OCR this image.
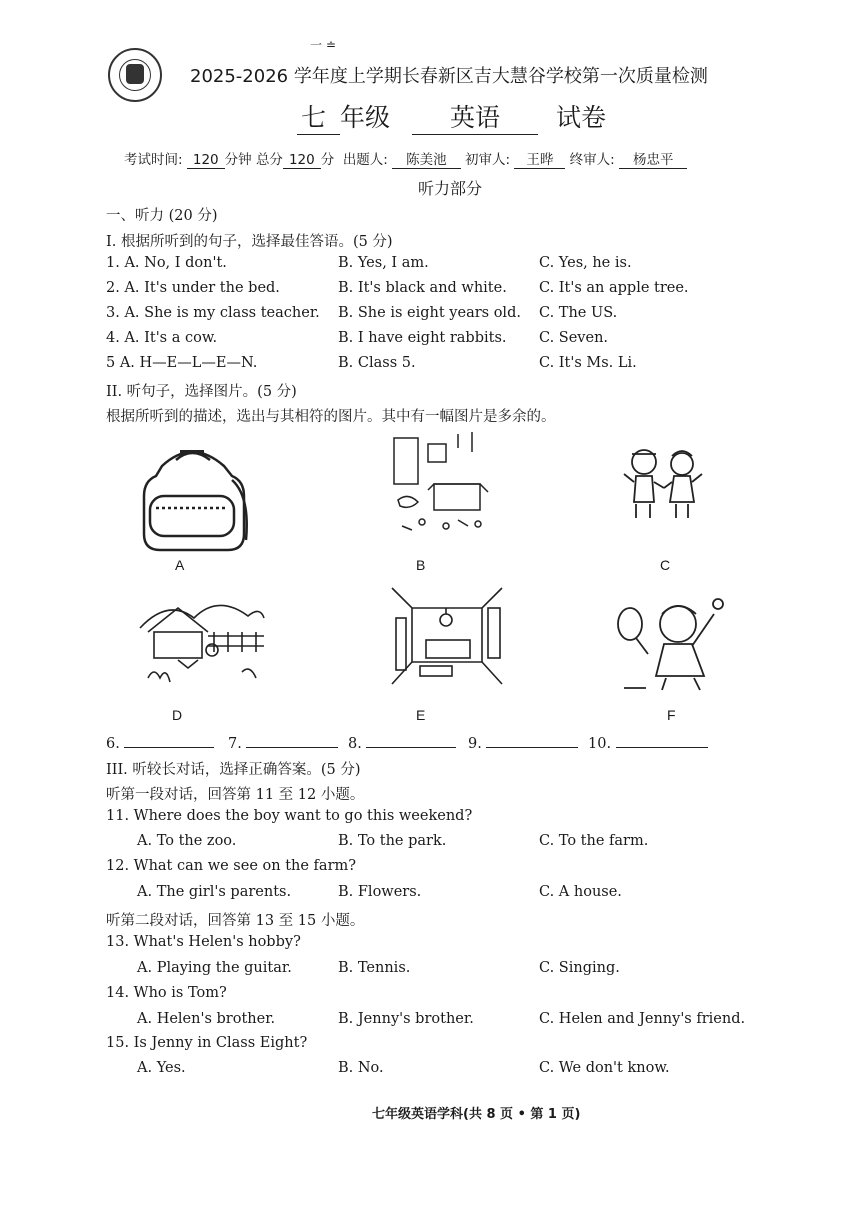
一 ≐
2025-2026 学年度上学期长春新区吉大慧谷学校第一次质量检测
七 年级	英语	试卷
考试时间: 120 分钟 总分 120 分 出题人: 陈美池 初审人: 王晔 终审人: 杨忠平
听力部分
一、听力 (20 分)
I. 根据所听到的句子，选择最佳答语。(5 分)
1. A. No, I don't.	B. Yes, I am.	C. Yes, he is.
2. A. It's under the bed.	B. It's black and white. C. It's an apple tree.
3. A. She is my class teacher. B. She is eight years old. C. The US.
4. A. It's a cow.	B. I have eight rabbits. C. Seven.
5 A. H—E—L—E—N.	B. Class 5.	C. It's Ms. Li.
II. 听句子，选择图片。(5 分)
根据所听到的描述，选出与其相符的图片。其中有一幅图片是多余的。
A	B	C
D	E	F
6.	7.	8.	9.	10.
III. 听较长对话，选择正确答案。(5 分)
听第一段对话，回答第 11 至 12 小题。
11. Where does the boy want to go this weekend?
A. To the zoo.	B. To the park.	C. To the farm.
12. What can we see on the farm?
A. The girl's parents.	B. Flowers.	C. A house.
听第二段对话，回答第 13 至 15 小题。
13. What's Helen's hobby?
A. Playing the guitar.	B. Tennis.	C. Singing.
14. Who is Tom?
A. Helen's brother.	B. Jenny's brother.	C. Helen and Jenny's friend.
15. Is Jenny in Class Eight?
A. Yes.	B. No.	C. We don't know.
七年级英语学科(共 8 页 • 第 1 页)
